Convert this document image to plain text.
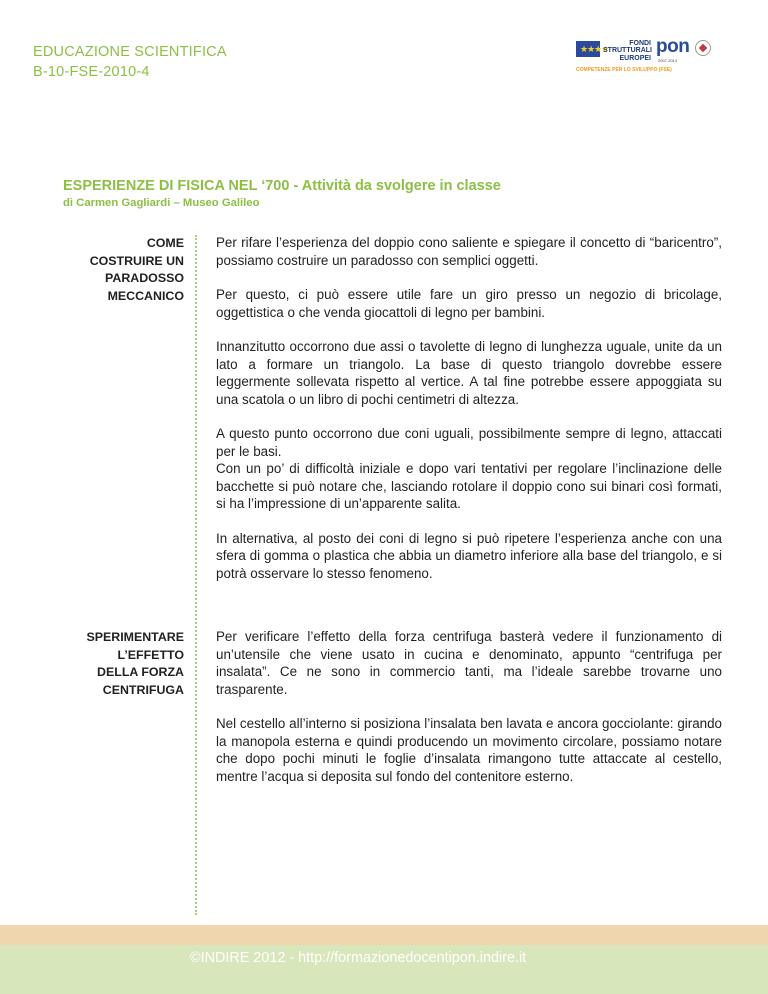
EDUCAZIONE SCIENTIFICA
B-10-FSE-2010-4
★★★★
FONDI
STRUTTURALI
EUROPEI
pon
2007-2013
COMPETENZE PER LO SVILUPPO (FSE)
ESPERIENZE DI FISICA NEL ‘700 - Attività da svolgere in classe
di Carmen Gagliardi – Museo Galileo
COME
COSTRUIRE UN
PARADOSSO
MECCANICO

Per rifare l’esperienza del doppio cono saliente e spiegare il concetto di “baricentro”, possiamo costruire un paradosso con semplici oggetti.

Per questo, ci può essere utile fare un giro presso un negozio di bricolage, oggettistica o che venda giocattoli di legno per bambini.

Innanzitutto occorrono due assi o tavolette di legno di lunghezza uguale, unite da un lato a formare un triangolo. La base di questo triangolo dovrebbe essere leggermente sollevata rispetto al vertice. A tal fine potrebbe essere appoggiata su una scatola o un libro di pochi centimetri di altezza.

A questo punto occorrono due coni uguali, possibilmente sempre di legno, attaccati per le basi.

Con un po’ di difficoltà iniziale e dopo vari tentativi per regolare l’inclinazione delle bacchette si può notare che, lasciando rotolare il doppio cono sui binari così formati, si ha l’impressione di un’apparente salita.

In alternativa, al posto dei coni di legno si può ripetere l’esperienza anche con una sfera di gomma o plastica che abbia un diametro inferiore alla base del triangolo, e si potrà osservare lo stesso fenomeno.

SPERIMENTARE
L’EFFETTO
DELLA FORZA
CENTRIFUGA

Per verificare l’effetto della forza centrifuga basterà vedere il funzionamento di un’utensile che viene usato in cucina e denominato, appunto “centrifuga per insalata”. Ce ne sono in commercio tanti, ma l’ideale sarebbe trovarne uno trasparente.

Nel cestello all’interno si posiziona l’insalata ben lavata e ancora gocciolante: girando la manopola esterna e quindi producendo un movimento circolare, possiamo notare che dopo pochi minuti le foglie d’insalata rimangono tutte attaccate al cestello, mentre l’acqua si deposita sul fondo del contenitore esterno.

©INDIRE 2012 - http://formazionedocentipon.indire.it
